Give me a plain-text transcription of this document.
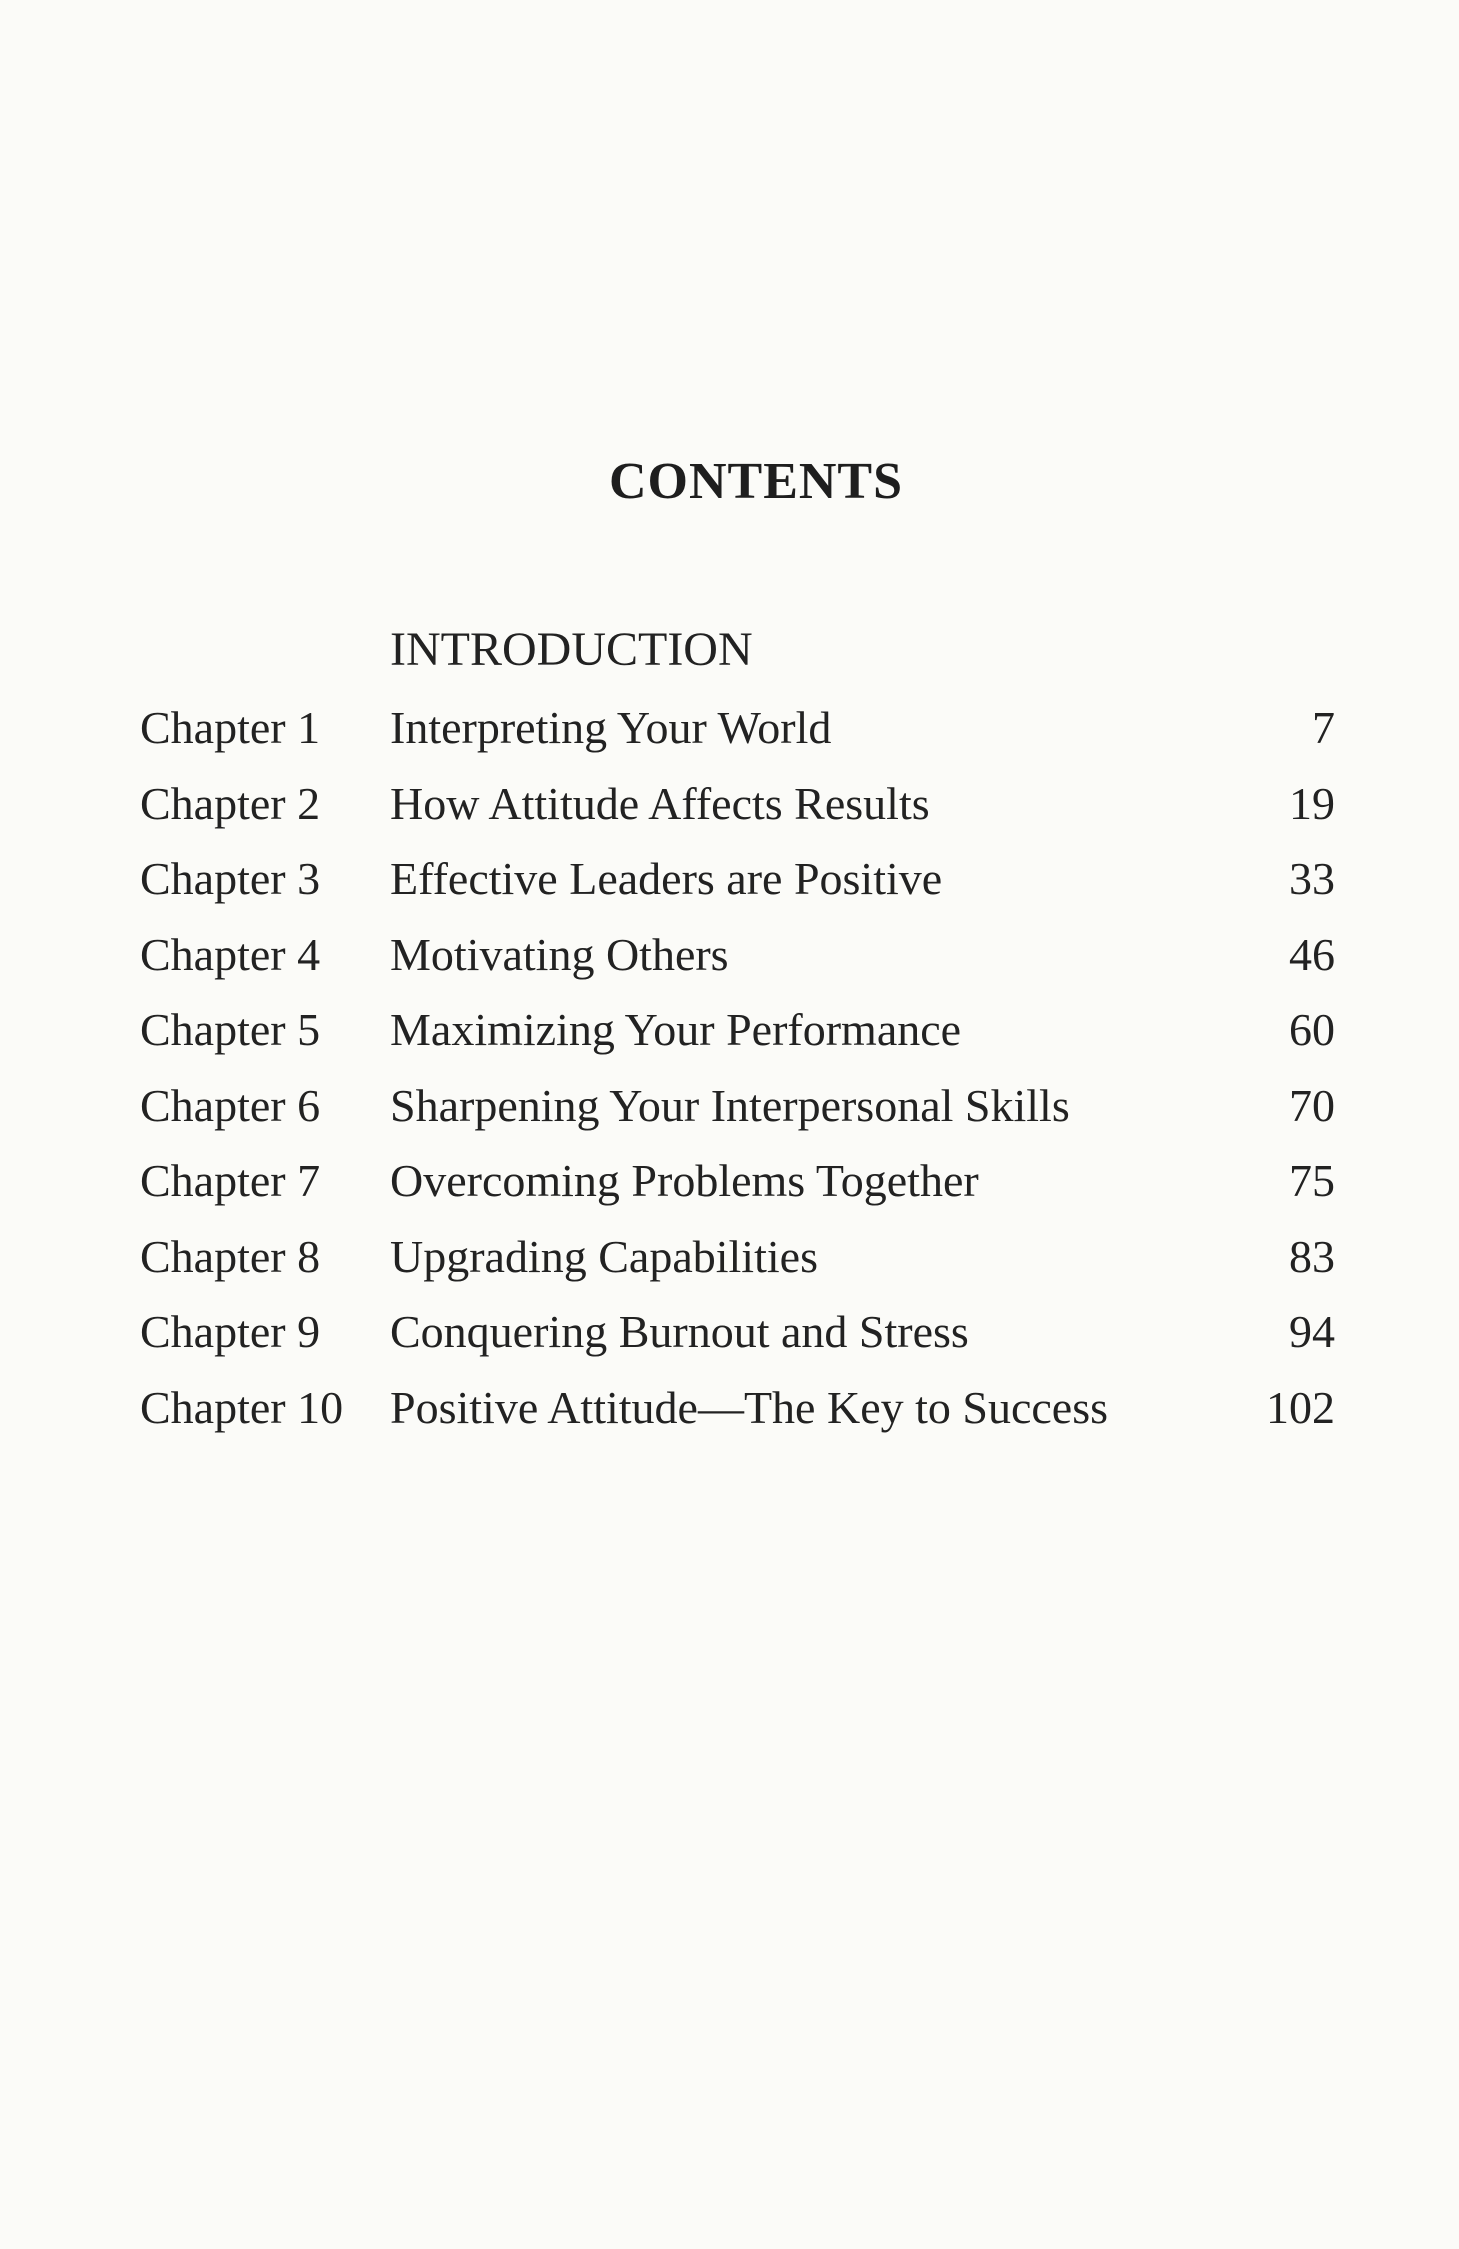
CONTENTS
INTRODUCTION
Chapter 1 Interpreting Your World	7
Chapter 2 How Attitude Affects Results	19
Chapter 3 Effective Leaders are Positive	33
Chapter 4 Motivating Others	46
Chapter 5 Maximizing Your Performance	60
Chapter 6 Sharpening Your Interpersonal Skills	70
Chapter 7 Overcoming Problems Together	75
Chapter 8 Upgrading Capabilities	83
Chapter 9 Conquering Burnout and Stress	94
Chapter 10 Positive Attitude—The Key to Success	102
